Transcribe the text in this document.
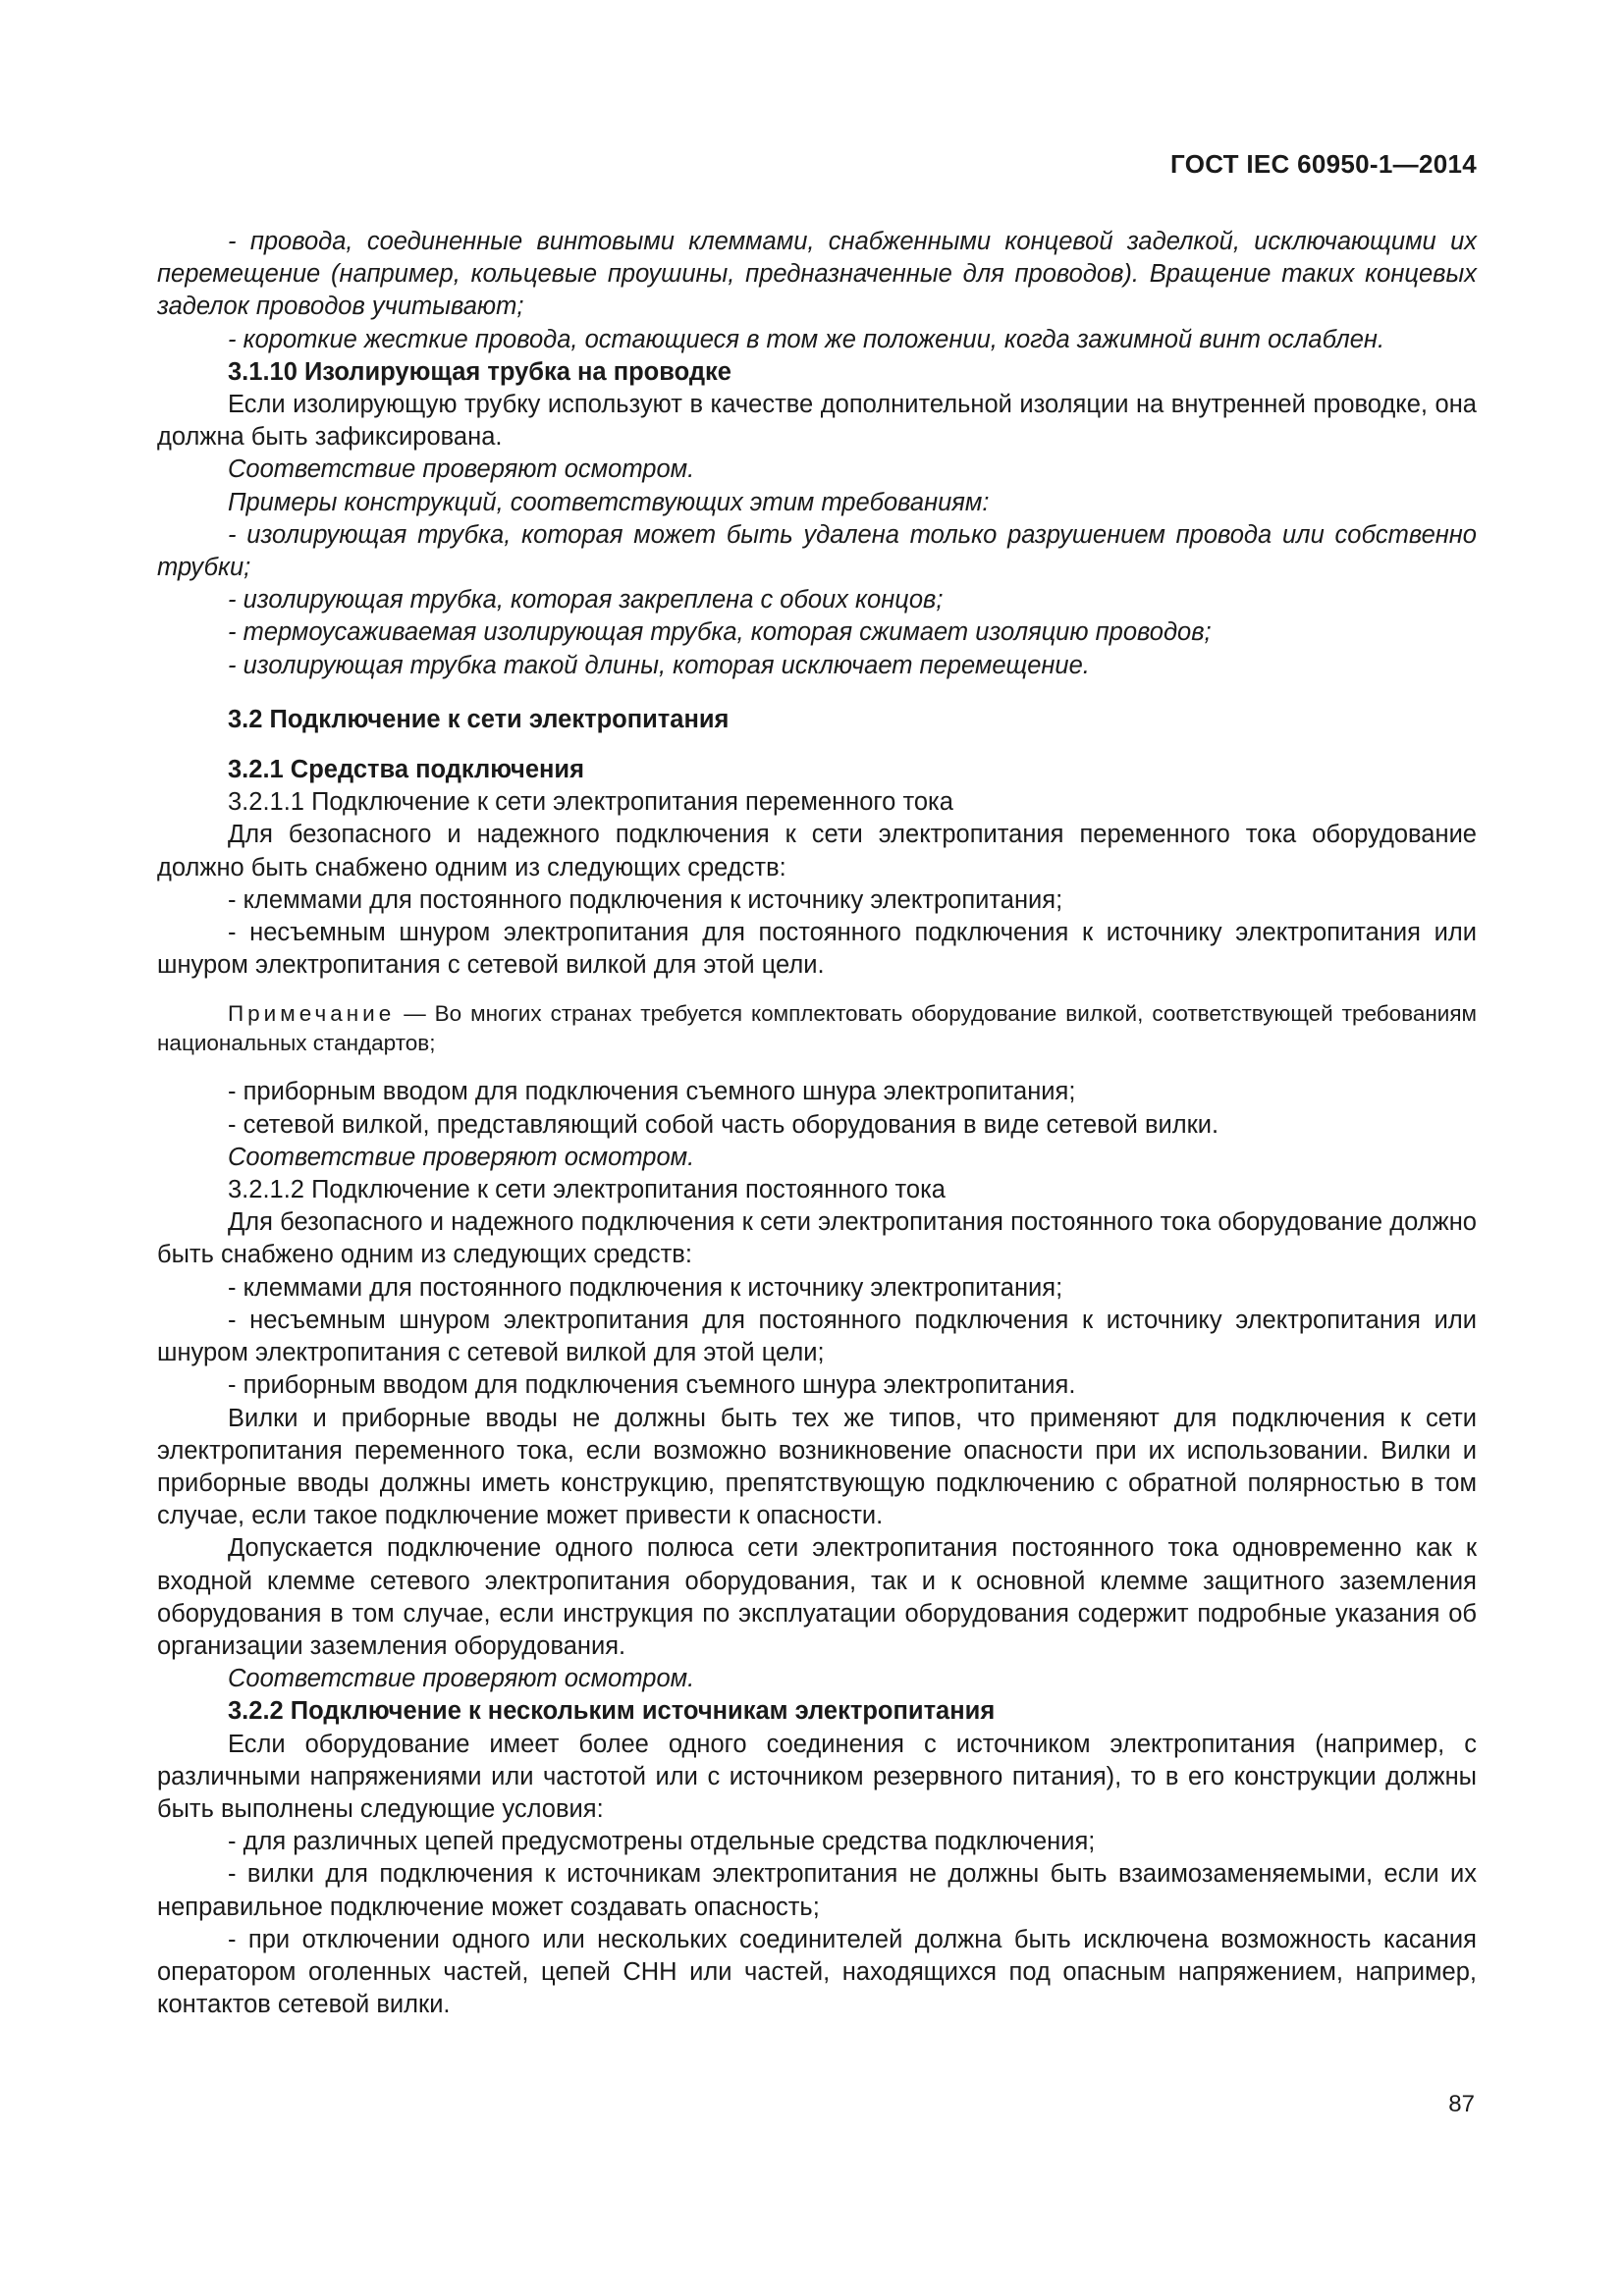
ГОСТ IEC 60950-1—2014

- провода, соединенные винтовыми клеммами, снабженными концевой заделкой, исключающими их перемещение (например, кольцевые проушины, предназначенные для проводов). Вращение таких концевых заделок проводов учитывают;

- короткие жесткие провода, остающиеся в том же положении, когда зажимной винт ослаблен.

3.1.10 Изолирующая трубка на проводке

Если изолирующую трубку используют в качестве дополнительной изоляции на внутренней проводке, она должна быть зафиксирована.

Соответствие проверяют осмотром.

Примеры конструкций, соответствующих этим требованиям:

- изолирующая трубка, которая может быть удалена только разрушением провода или собственно трубки;

- изолирующая трубка, которая закреплена с обоих концов;

- термоусаживаемая изолирующая трубка, которая сжимает изоляцию проводов;

- изолирующая трубка такой длины, которая исключает перемещение.

3.2 Подключение к сети электропитания

3.2.1 Средства подключения

3.2.1.1 Подключение к сети электропитания переменного тока

Для безопасного и надежного подключения к сети электропитания переменного тока оборудование должно быть снабжено одним из следующих средств:

- клеммами для постоянного подключения к источнику электропитания;

- несъемным шнуром электропитания для постоянного подключения к источнику электропитания или шнуром электропитания с сетевой вилкой для этой цели.

Примечание — Во многих странах требуется комплектовать оборудование вилкой, соответствующей требованиям национальных стандартов;

- приборным вводом для подключения съемного шнура электропитания;

- сетевой вилкой, представляющий собой часть оборудования в виде сетевой вилки.

Соответствие проверяют осмотром.

3.2.1.2 Подключение к сети электропитания постоянного тока

Для безопасного и надежного подключения к сети электропитания постоянного тока оборудование должно быть снабжено одним из следующих средств:

- клеммами для постоянного подключения к источнику электропитания;

- несъемным шнуром электропитания для постоянного подключения к источнику электропитания или шнуром электропитания с сетевой вилкой для этой цели;

- приборным вводом для подключения съемного шнура электропитания.

Вилки и приборные вводы не должны быть тех же типов, что применяют для подключения к сети электропитания переменного тока, если возможно возникновение опасности при их использовании. Вилки и приборные вводы должны иметь конструкцию, препятствующую подключению с обратной полярностью в том случае, если такое подключение может привести к опасности.

Допускается подключение одного полюса сети электропитания постоянного тока одновременно как к входной клемме сетевого электропитания оборудования, так и к основной клемме защитного заземления оборудования в том случае, если инструкция по эксплуатации оборудования содержит подробные указания об организации заземления оборудования.

Соответствие проверяют осмотром.

3.2.2 Подключение к нескольким источникам электропитания

Если оборудование имеет более одного соединения с источником электропитания (например, с различными напряжениями или частотой или с источником резервного питания), то в его конструкции должны быть выполнены следующие условия:

- для различных цепей предусмотрены отдельные средства подключения;

- вилки для подключения к источникам электропитания не должны быть взаимозаменяемыми, если их неправильное подключение может создавать опасность;

- при отключении одного или нескольких соединителей должна быть исключена возможность касания оператором оголенных частей, цепей СНН или частей, находящихся под опасным напряжением, например, контактов сетевой вилки.

87
